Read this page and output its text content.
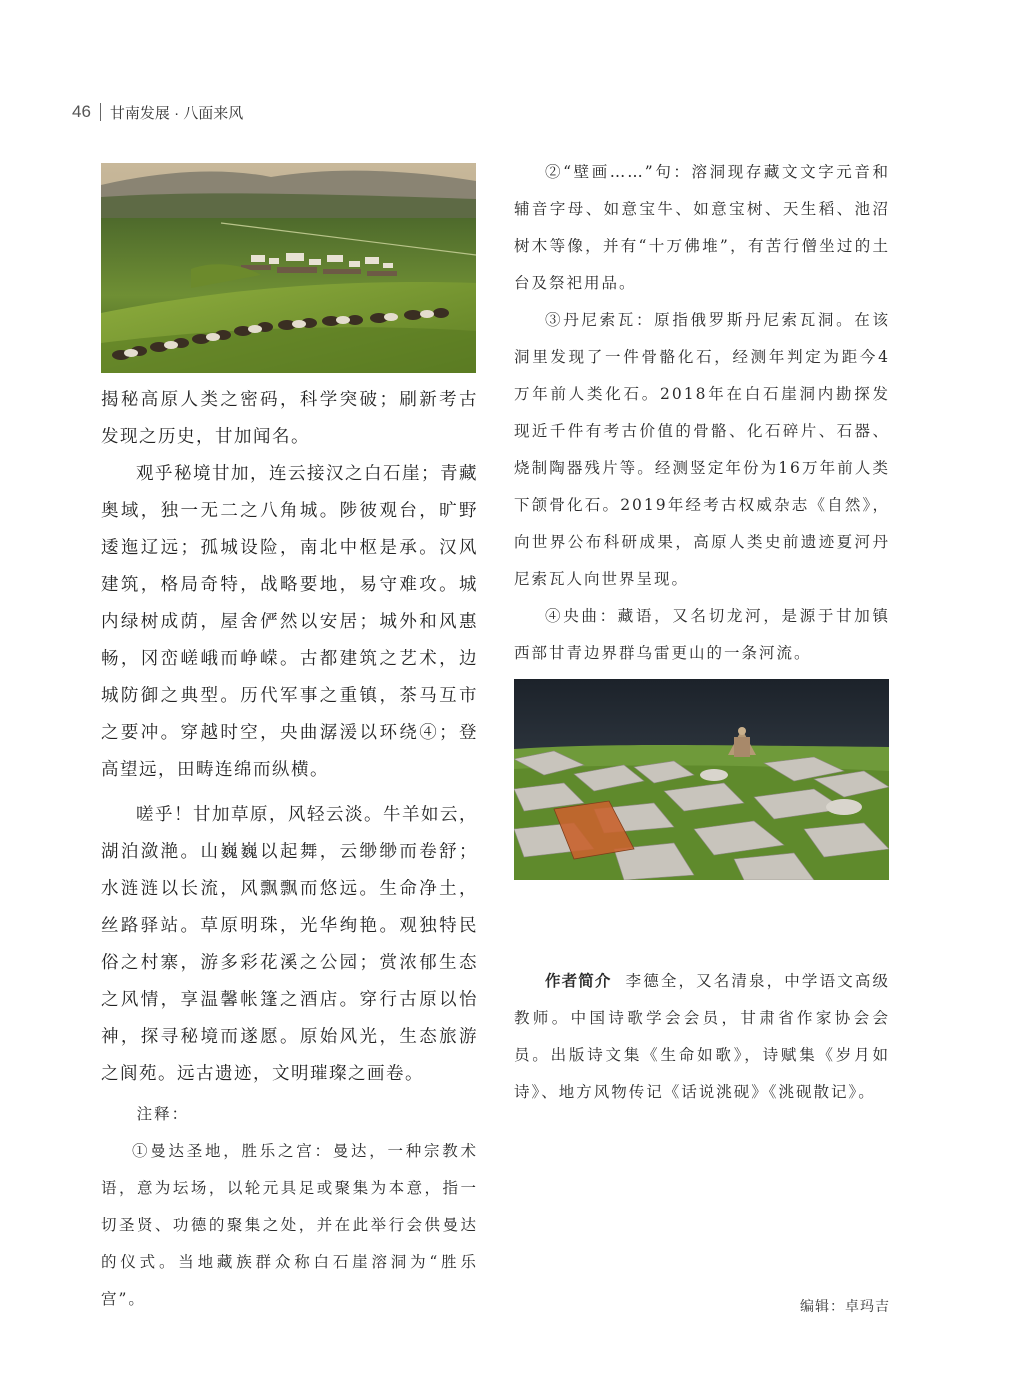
46 甘南发展 · 八面来风

揭秘高原人类之密码，科学突破；刷新考古发现之历史，甘加闻名。

观乎秘境甘加，连云接汉之白石崖；青藏奥域，独一无二之八角城。陟彼观台，旷野逶迤辽远；孤城设险，南北中枢是承。汉风建筑，格局奇特，战略要地，易守难攻。城内绿树成荫，屋舍俨然以安居；城外和风惠畅，冈峦嵯峨而峥嵘。古都建筑之艺术，边城防御之典型。历代军事之重镇，茶马互市之要冲。穿越时空，央曲潺湲以环绕④；登高望远，田畴连绵而纵横。

嗟乎！甘加草原，风轻云淡。牛羊如云，湖泊潋滟。山巍巍以起舞，云缈缈而卷舒；水涟涟以长流，风飘飘而悠远。生命净土，丝路驿站。草原明珠，光华绚艳。观独特民俗之村寨，游多彩花溪之公园；赏浓郁生态之风情，享温馨帐篷之酒店。穿行古原以怡神，探寻秘境而遂愿。原始风光，生态旅游之阆苑。远古遗迹，文明璀璨之画卷。

注释：

①曼达圣地，胜乐之宫：曼达，一种宗教术语，意为坛场，以轮元具足或聚集为本意，指一切圣贤、功德的聚集之处，并在此举行会供曼达的仪式。当地藏族群众称白石崖溶洞为“胜乐宫”。

②“壁画……”句：溶洞现存藏文文字元音和辅音字母、如意宝牛、如意宝树、天生稻、池沼树木等像，并有“十万佛堆”，有苦行僧坐过的土台及祭祀用品。

③丹尼索瓦：原指俄罗斯丹尼索瓦洞。在该洞里发现了一件骨骼化石，经测年判定为距今4万年前人类化石。2018年在白石崖洞内勘探发现近千件有考古价值的骨骼、化石碎片、石器、烧制陶器残片等。经测竖定年份为16万年前人类下颌骨化石。2019年经考古权威杂志《自然》，向世界公布科研成果，高原人类史前遗迹夏河丹尼索瓦人向世界呈现。

④央曲：藏语，又名切龙河，是源于甘加镇西部甘青边界群乌雷更山的一条河流。

作者简介 李德全，又名清泉，中学语文高级教师。中国诗歌学会会员，甘肃省作家协会会员。出版诗文集《生命如歌》，诗赋集《岁月如诗》、地方风物传记《话说洮砚》《洮砚散记》。

编辑：卓玛吉
